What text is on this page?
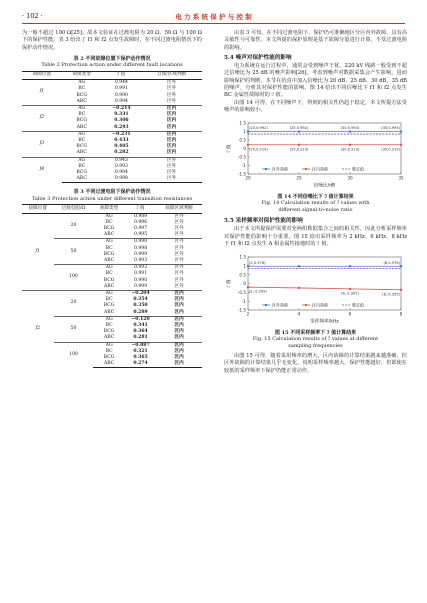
· 102 ·	电 力 系 统 保 护 与 控 制

为一般不超过 100 Ω[25]。故本文验证在过渡电阻为 20 Ω、50 Ω 与 100 Ω 下的保护性能。表 3 给出了 f1 和 f2 点发生故障时，在不同过渡电阻情况下的保护动作情况。

表 2 不同故障位置下保护动作情况
Table 2 Protection action under different fault locations
故障位置	故障类型	ℐ 值	自保/区域判断
f1	AG	0.944	区外
	BC	0.991	区外
	BCG	0.990	区外
	ABC	0.994	区外
f2	AG	−0.214	区内
	BC	0.331	区内
	BCG	0.306	区内
	ABC	0.293	区内
f3	AG	−0.231	区内
	BC	0.433	区内
	BCG	0.405	区内
	ABC	0.282	区内
f4	AG	0.943	区外
	BC	0.993	区外
	BCG	0.994	区外
	ABC	0.998	区外
表 3 不同过渡电阻下保护动作情况
Table 3 Protection action under different transition resistances
故障位置	过渡电阻/Ω	故障类型	ℐ 值	故障区域判断
f1	20	AG	0.989	区外
		BC	0.996	区外
		BCG	0.997	区外
		ABC	0.995	区外
	50	AG	0.990	区外
		BC	0.998	区外
		BCG	0.999	区外
		ABC	0.993	区外
	100	AG	0.992	区外
		BC	0.991	区外
		BCG	0.990	区外
		ABC	0.999	区外
f2	20	AG	−0.204	区内
		BC	0.354	区内
		BCG	0.350	区内
		ABC	0.289	区内
	50	AG	−0.120	区内
		BC	0.341	区内
		BCG	0.364	区内
		ABC	0.281	区内
	100	AG	−0.087	区内
		BC	0.321	区内
		BCG	0.365	区内
		ABC	0.274	区内

由表 3 可知，在不同过渡电阻下，保护仍可准确地区分区内外故障，具有高灵敏性与可靠性。本文所提的保护原理是基于故障分量进行计算，不受过渡电阻的影响。

5.4 噪声对保护性能的影响

电力系统在运行过程中，通常会受到噪声干扰，220 kV 线路一般受到不超过信噪比为 25 dB 的噪声影响[26]。考虑到噪声对数据采集会产生影响，进而影响保护的判断，本节在仿真中加入信噪比为 20 dB、25 dB、30 dB、35 dB 的噪声，分析其对保护性能的影响。图 14 给出不同信噪比下 f1 和 f2 点发生 BC 金属性故障时的 ℐ 值。

由图 14 可得，在不同噪声下，得到的相关性仍趋于稳定，本文所提方法受噪声的影响较小。

1.5
1
0.5
0
-0.5
-1
-1.5
20	25	30	35
信噪比/dB
ℐ 值
(20,0.992)	(25,0.992)	(30,0.993)	(35,0.993)
(20,0.219)	(25,0.219)	(30,0.219)	(35,0.219)
区外故障	区内故障	整定值
图 14 不同信噪比下 ℐ 值计算结果
Fig. 14 Calculation results of ℐ values with
different signal-to-noise ratio
5.5 采样频率对保护性能的影响

由于本文所提保护需要对充两组数据集合之间的相关性，因此分析采样频率对保护性能的影响十分重要。图 15 给出采样频率为 2 kHz、6 kHz、8 kHz 下 f1 和 f2 点发生 A 相金属性接地时的 ℐ 值。

1.5
1
0.5
0
-0.5
-1
-1.5
2	4	6	8
采样频率/kHz
ℐ 值
(2,0.976)	(8,0.976)
(2,-0.209)	(6,-0.305)	(8,-0.355)
区外故障	区内故障	整定值
图 15 不同采样频率下 ℐ 值计算结果
Fig. 15 Calculation results of ℐ values at different
sampling frequencies

由图 15 可得，随着采用频率的增大，区内故障的计算结果越来越准确，但区外故障的计算结果几乎无变化。说明采样频率越大，保护性能越好，但即使在较低的采样频率下保护仍能正常动作。
